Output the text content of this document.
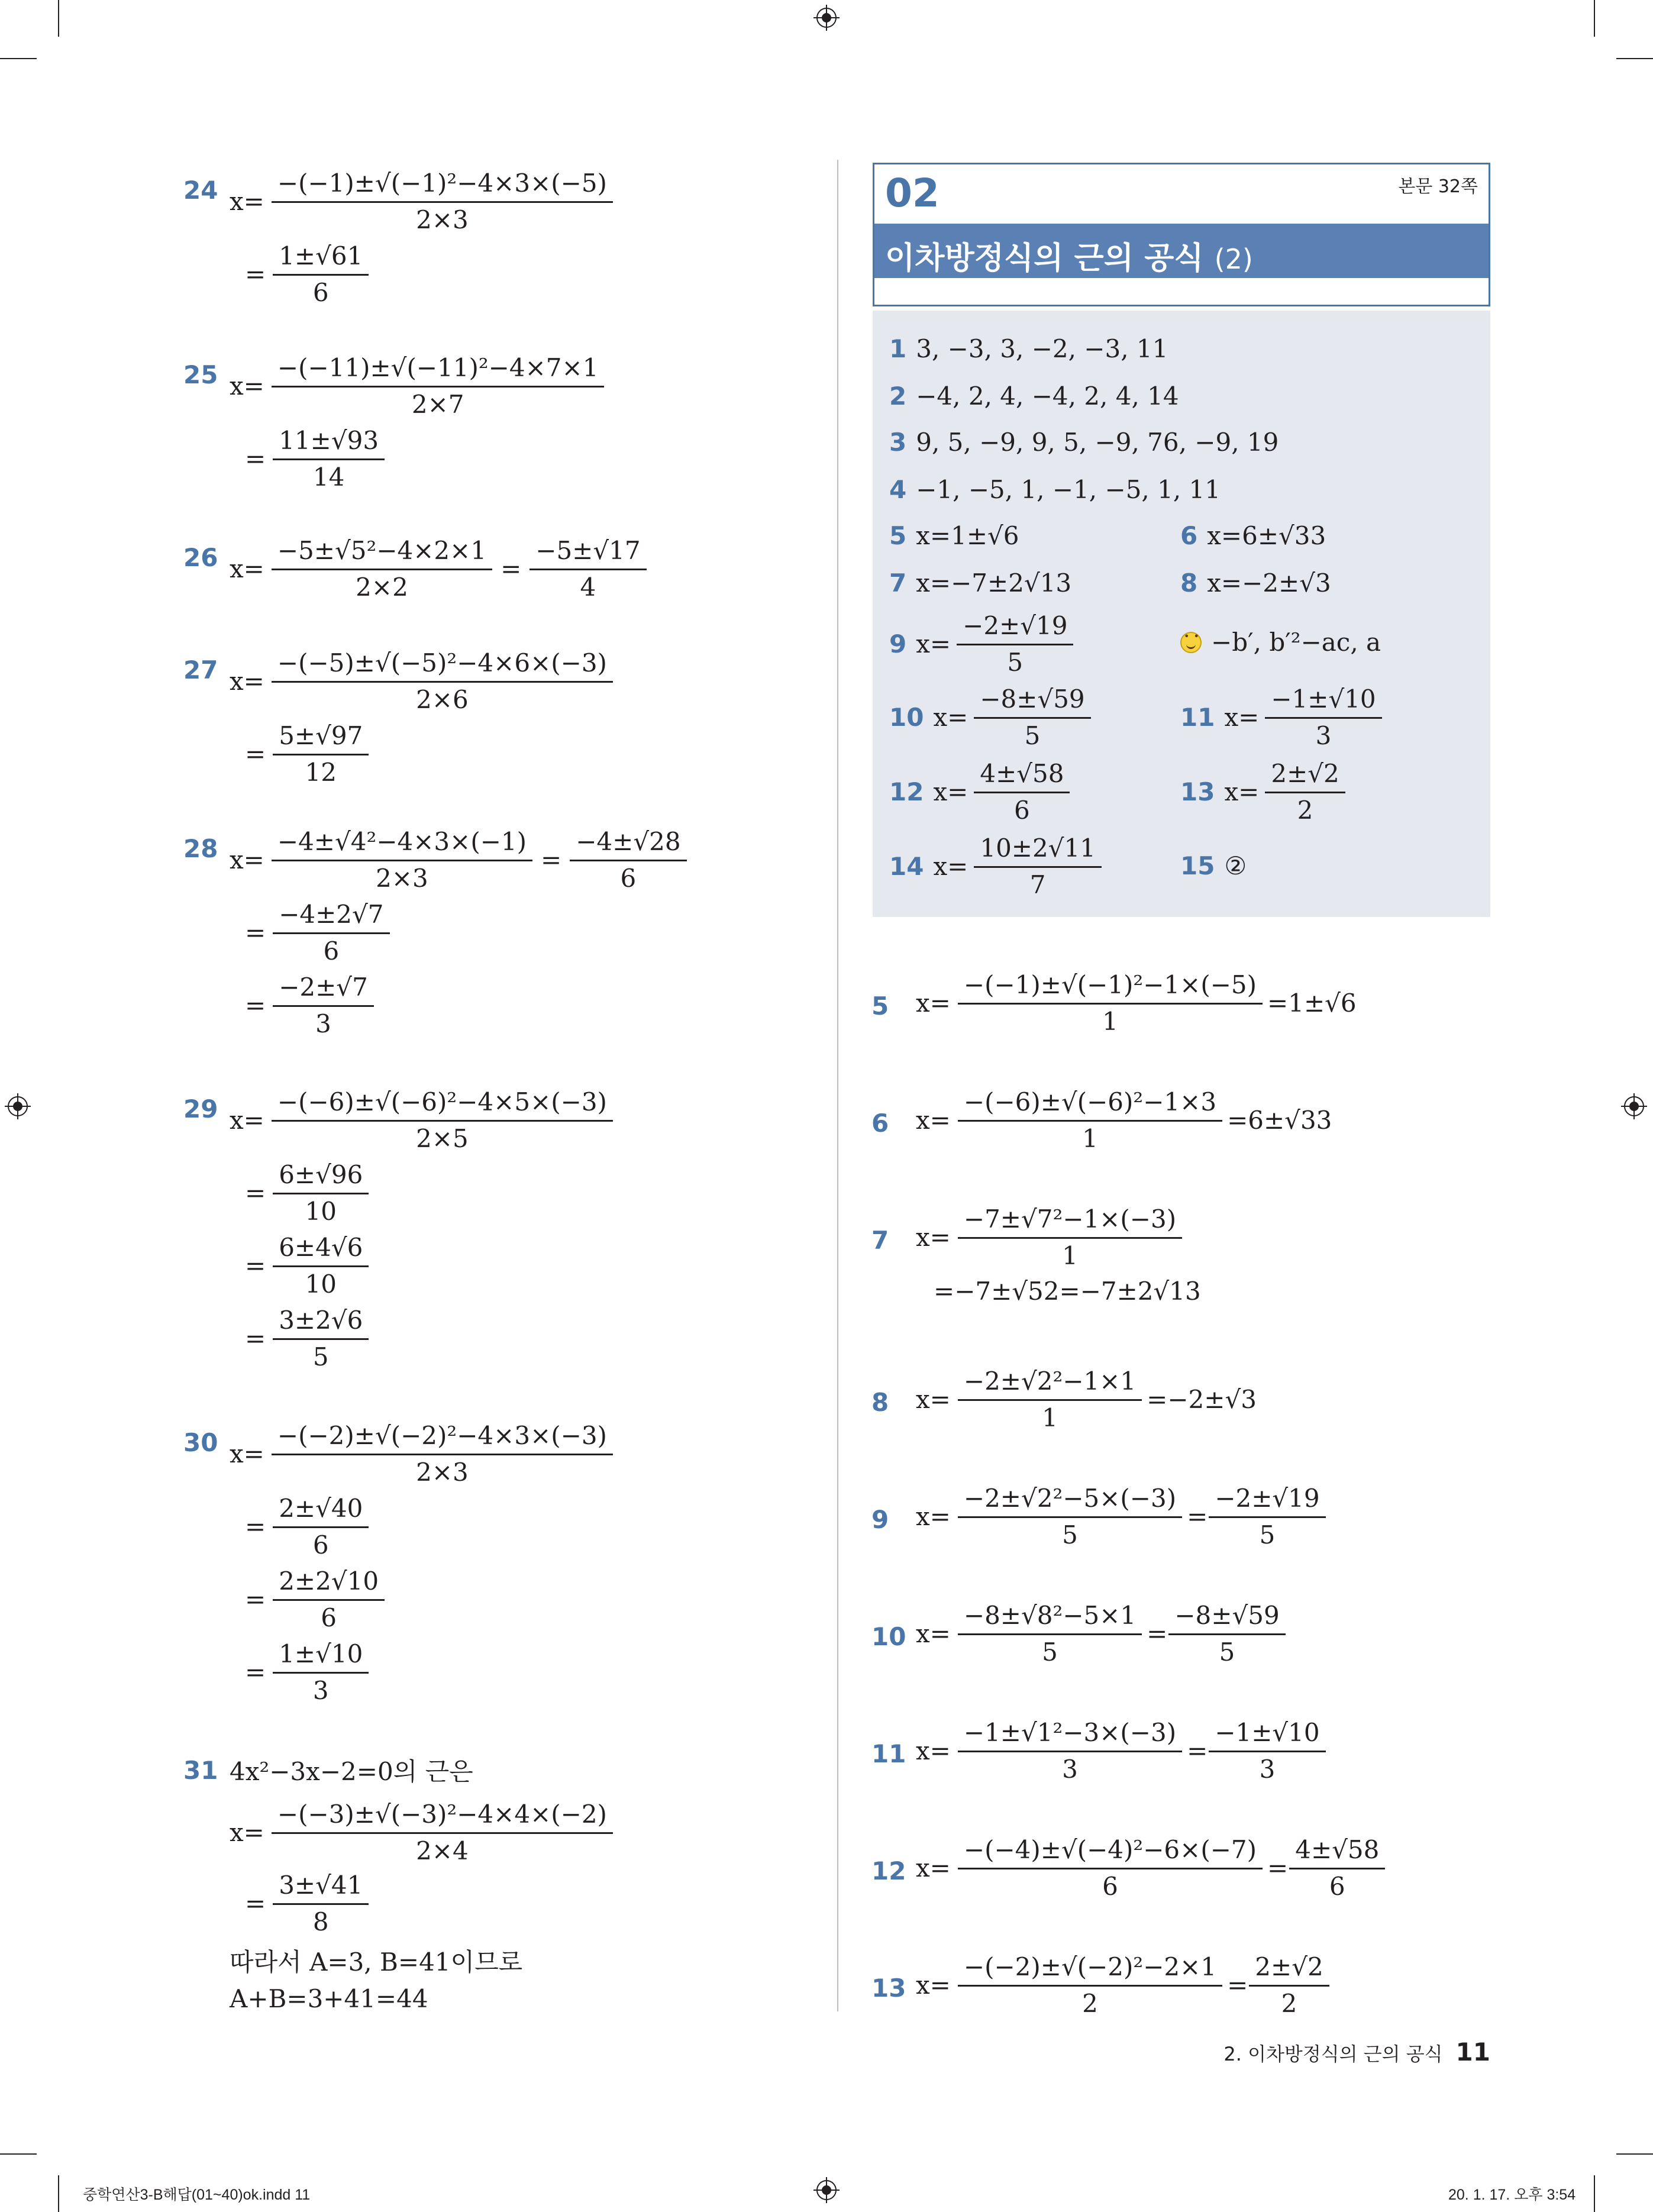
24 $x= \frac{\text{−(−1)±√(−1)²−4×3×(−5)}}{2\times 3}$
= $\frac{1\pm√61}{6}$
25 $x= \frac{\text{−(−11)±√(−11)²−4×7×1}}{2\times 7}$
= $\frac{11\pm√93}{14}$
26 $x= \frac{\text{−5±√5²−4×2×1}}{2\times 2} = \frac{-5\pm√17}{4}$
27 $x= \frac{\text{−(−5)±√(−5)²−4×6×(−3)}}{2\times 6}$
= $\frac{5\pm√97}{12}$
28 $x= \frac{\text{−4±√4²−4×3×(−1)}}{2\times 3} = \frac{-4\pm√28}{6}$
= $\frac{-4\pm 2√7}{6}$
= $\frac{-2\pm√7}{3}$
29 $x= \frac{\text{−(−6)±√(−6)²−4×5×(−3)}}{2\times 5}$
= $\frac{6\pm√96}{10}$
= $\frac{6\pm 4√6}{10}$
= $\frac{3\pm 2√6}{5}$
30 $x= \frac{\text{−(−2)±√(−2)²−4×3×(−3)}}{2\times 3}$
= $\frac{2\pm√40}{6}$
= $\frac{2\pm 2√10}{6}$
= $\frac{1\pm√10}{3}$
31 4x²−3x−2=0의 근은
$x= \frac{\text{−(−3)±√(−3)²−4×4×(−2)}}{2\times 4}$
= $\frac{3\pm√41}{8}$
따라서 A=3, B=41이므로
A+B=3+41=44
02	본문 32쪽
이차방정식의 근의 공식 (2)
1 3, −3, 3, −2, −3, 11
2 −4, 2, 4, −4, 2, 4, 14
3 9, 5, −9, 9, 5, −9, 76, −9, 19
4 −1, −5, 1, −1, −5, 1, 11
5 x=1±√6	6 x=6±√33
7 x=−7±2√13	8 x=−2±√3
9 $x= \frac{-2\pm√19}{5}$
• •	−b′, b′²−ac, a
10 $x= \frac{-8\pm√59}{5}$	11 $x= \frac{-1\pm√10}{3}$
12 $x= \frac{4\pm√58}{6}$	13 $x= \frac{2\pm√2}{2}$
14 $x= \frac{10\pm 2√11}{7}$	15 ②
5 $x= \frac{\text{−(−1)±√(−1)²−1×(−5)}}{1} =1\pm√6$
6 $x= \frac{\text{−(−6)±√(−6)²−1×3}}{1} =6\pm√33$
7 $x= \frac{\text{−7±√7²−1×(−3)}}{1}$
=−7±√52=−7±2√13
8 $x= \frac{\text{−2±√2²−1×1}}{1} =-2\pm√3$
9 $x= \frac{\text{−2±√2²−5×(−3)}}{5} = \frac{-2\pm√19}{5}$
10 $x= \frac{\text{−8±√8²−5×1}}{5} = \frac{-8\pm√59}{5}$
11 $x= \frac{\text{−1±√1²−3×(−3)}}{3} = \frac{-1\pm√10}{3}$
12 $x= \frac{\text{−(−4)±√(−4)²−6×(−7)}}{6} = \frac{4\pm√58}{6}$
13 $x= \frac{\text{−(−2)±√(−2)²−2×1}}{2} = \frac{2\pm√2}{2}$
2. 이차방정식의 근의 공식 11
중학연산3-B해답(01~40)ok.indd 11	20. 1. 17. 오후 3:54
